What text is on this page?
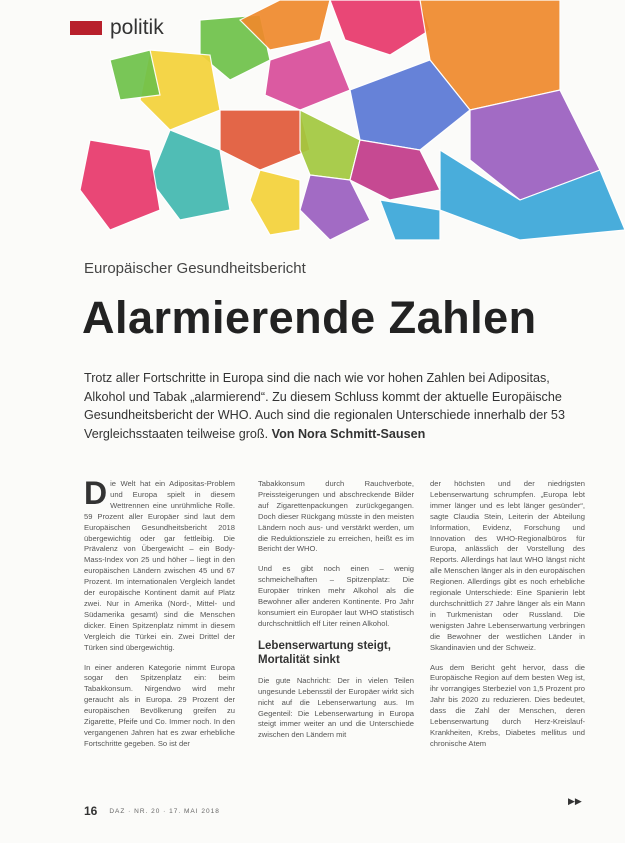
politik
Europäischer Gesundheitsbericht
Alarmierende Zahlen
Trotz aller Fortschritte in Europa sind die nach wie vor hohen Zahlen bei Adipositas, Alkohol und Tabak „alarmierend“. Zu diesem Schluss kommt der aktuelle Europäische Gesundheitsbericht der WHO. Auch sind die regionalen Unterschiede innerhalb der 53 Vergleichsstaaten teilweise groß. Von Nora Schmitt-Sausen

Die Welt hat ein Adipositas-Problem und Europa spielt in diesem Wettrennen eine unrühmliche Rolle. 59 Prozent aller Europäer sind laut dem Europäischen Gesundheitsbericht 2018 übergewichtig oder gar fettleibig. Die Prävalenz von Übergewicht – ein Body-Mass-Index von 25 und höher – liegt in den europäischen Ländern zwischen 45 und 67 Prozent. Im internationalen Vergleich landet der europäische Kontinent damit auf Platz zwei. Nur in Amerika (Nord-, Mittel- und Südamerika gesamt) sind die Menschen dicker. Einen Spitzenplatz nimmt in diesem Vergleich die Türkei ein. Zwei Drittel der Türken sind übergewichtig.

In einer anderen Kategorie nimmt Europa sogar den Spitzenplatz ein: beim Tabakkonsum. Nirgendwo wird mehr geraucht als in Europa. 29 Prozent der europäischen Bevölkerung greifen zu Zigarette, Pfeife und Co. Immer noch. In den vergangenen Jahren hat es zwar erhebliche Fortschritte gegeben. So ist der

Tabakkonsum durch Rauchverbote, Preissteigerungen und abschreckende Bilder auf Zigarettenpackungen zurückgegangen. Doch dieser Rückgang müsste in den meisten Ländern noch aus- und verstärkt werden, um die Reduktionsziele zu erreichen, heißt es im Bericht der WHO.

Und es gibt noch einen – wenig schmeichelhaften – Spitzenplatz: Die Europäer trinken mehr Alkohol als die Bewohner aller anderen Kontinente. Pro Jahr konsumiert ein Europäer laut WHO statistisch durchschnittlich elf Liter reinen Alkohol.

Lebenserwartung steigt, Mortalität sinkt

Die gute Nachricht: Der in vielen Teilen ungesunde Lebensstil der Europäer wirkt sich nicht auf die Lebenserwartung aus. Im Gegenteil: Die Lebenserwartung in Europa steigt immer weiter an und die Unterschiede zwischen den Ländern mit

der höchsten und der niedrigsten Lebenserwartung schrumpfen. „Europa lebt immer länger und es lebt länger gesünder“, sagte Claudia Stein, Leiterin der Abteilung Information, Evidenz, Forschung und Innovation des WHO-Regionalbüros für Europa, anlässlich der Vorstellung des Reports. Allerdings hat laut WHO längst nicht alle Menschen länger als in den europäischen Regionen. Allerdings gibt es noch erhebliche regionale Unterschiede: Eine Spanierin lebt durchschnittlich 27 Jahre länger als ein Mann in Turkmenistan oder Russland. Die wenigsten Jahre Lebenserwartung verbringen die Bewohner der westlichen Länder in Skandinavien und der Schweiz.

Aus dem Bericht geht hervor, dass die Europäische Region auf dem besten Weg ist, ihr vorrangiges Sterbeziel von 1,5 Prozent pro Jahr bis 2020 zu reduzieren. Dies bedeutet, dass die Zahl der Menschen, deren Lebenserwartung durch Herz-Kreislauf-Krankheiten, Krebs, Diabetes mellitus und chronische Atem

16 DAZ · NR. 20 · 17. MAI 2018
▶▶
